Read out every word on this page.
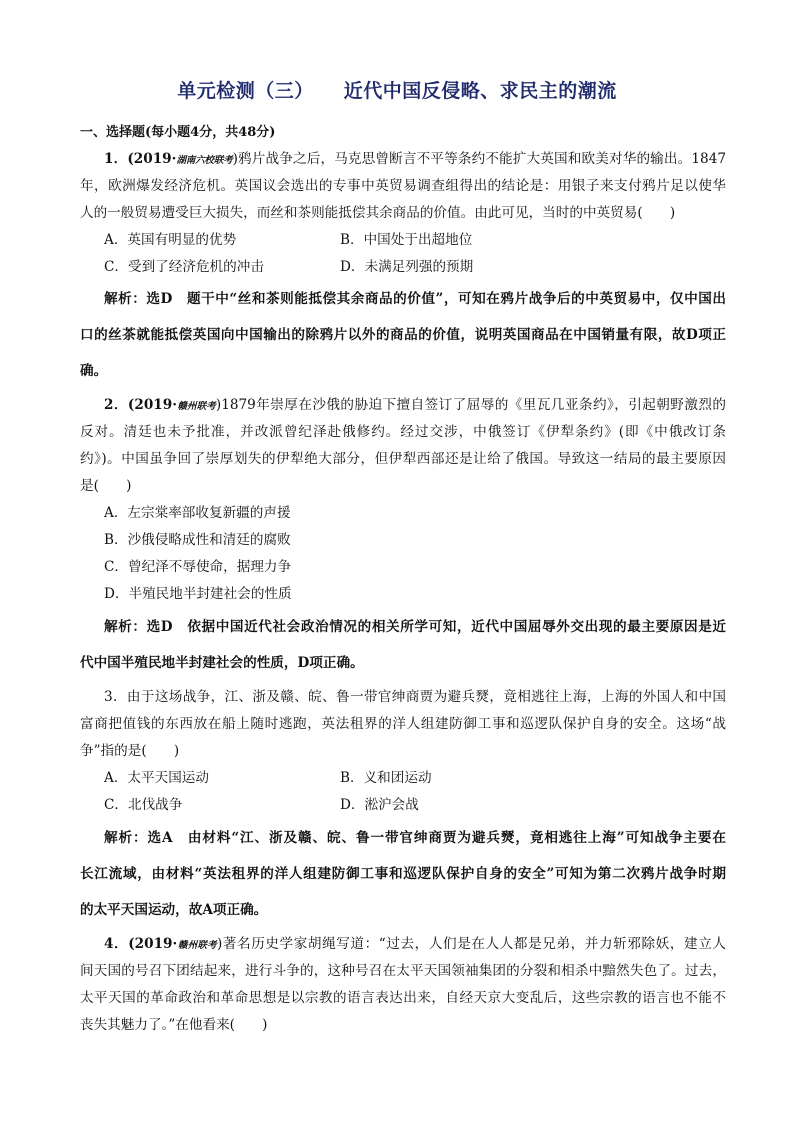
单元检测（三） 近代中国反侵略、求民主的潮流
一、选择题(每小题4分，共48分)
1．(2019·湖南六校联考)鸦片战争之后，马克思曾断言不平等条约不能扩大英国和欧美对华的输出。1847
年，欧洲爆发经济危机。英国议会选出的专事中英贸易调查组得出的结论是：用银子来支付鸦片足以使华
人的一般贸易遭受巨大损失，而丝和茶则能抵偿其余商品的价值。由此可见，当时的中英贸易(　　)
A．英国有明显的优势	B．中国处于出超地位
C．受到了经济危机的冲击	D．未满足列强的预期
解析：选D　题干中“丝和茶则能抵偿其余商品的价值”，可知在鸦片战争后的中英贸易中，仅中国出
口的丝茶就能抵偿英国向中国输出的除鸦片以外的商品的价值，说明英国商品在中国销量有限，故D项正
确。
2．(2019·赣州联考)1879年崇厚在沙俄的胁迫下擅自签订了屈辱的《里瓦几亚条约》，引起朝野激烈的
反对。清廷也未予批准，并改派曾纪泽赴俄修约。经过交涉，中俄签订《伊犁条约》(即《中俄改订条
约》)。中国虽争回了崇厚划失的伊犁绝大部分，但伊犁西部还是让给了俄国。导致这一结局的最主要原因
是(　　)
A．左宗棠率部收复新疆的声援
B．沙俄侵略成性和清廷的腐败
C．曾纪泽不辱使命，据理力争
D．半殖民地半封建社会的性质
解析：选D　依据中国近代社会政治情况的相关所学可知，近代中国屈辱外交出现的最主要原因是近
代中国半殖民地半封建社会的性质，D项正确。
3．由于这场战争，江、浙及赣、皖、鲁一带官绅商贾为避兵燹，竟相逃往上海，上海的外国人和中国
富商把值钱的东西放在船上随时逃跑，英法租界的洋人组建防御工事和巡逻队保护自身的安全。这场“战
争”指的是(　　)
A．太平天国运动	B．义和团运动
C．北伐战争	D．淞沪会战
解析：选A　由材料“江、浙及赣、皖、鲁一带官绅商贾为避兵燹，竟相逃往上海”可知战争主要在
长江流域，由材料“英法租界的洋人组建防御工事和巡逻队保护自身的安全”可知为第二次鸦片战争时期
的太平天国运动，故A项正确。
4．(2019·赣州联考)著名历史学家胡绳写道：“过去，人们是在人人都是兄弟，并力斩邪除妖，建立人
间天国的号召下团结起来，进行斗争的，这种号召在太平天国领袖集团的分裂和相杀中黯然失色了。过去，
太平天国的革命政治和革命思想是以宗教的语言表达出来，自经天京大变乱后，这些宗教的语言也不能不
丧失其魅力了。”在他看来(　　)
